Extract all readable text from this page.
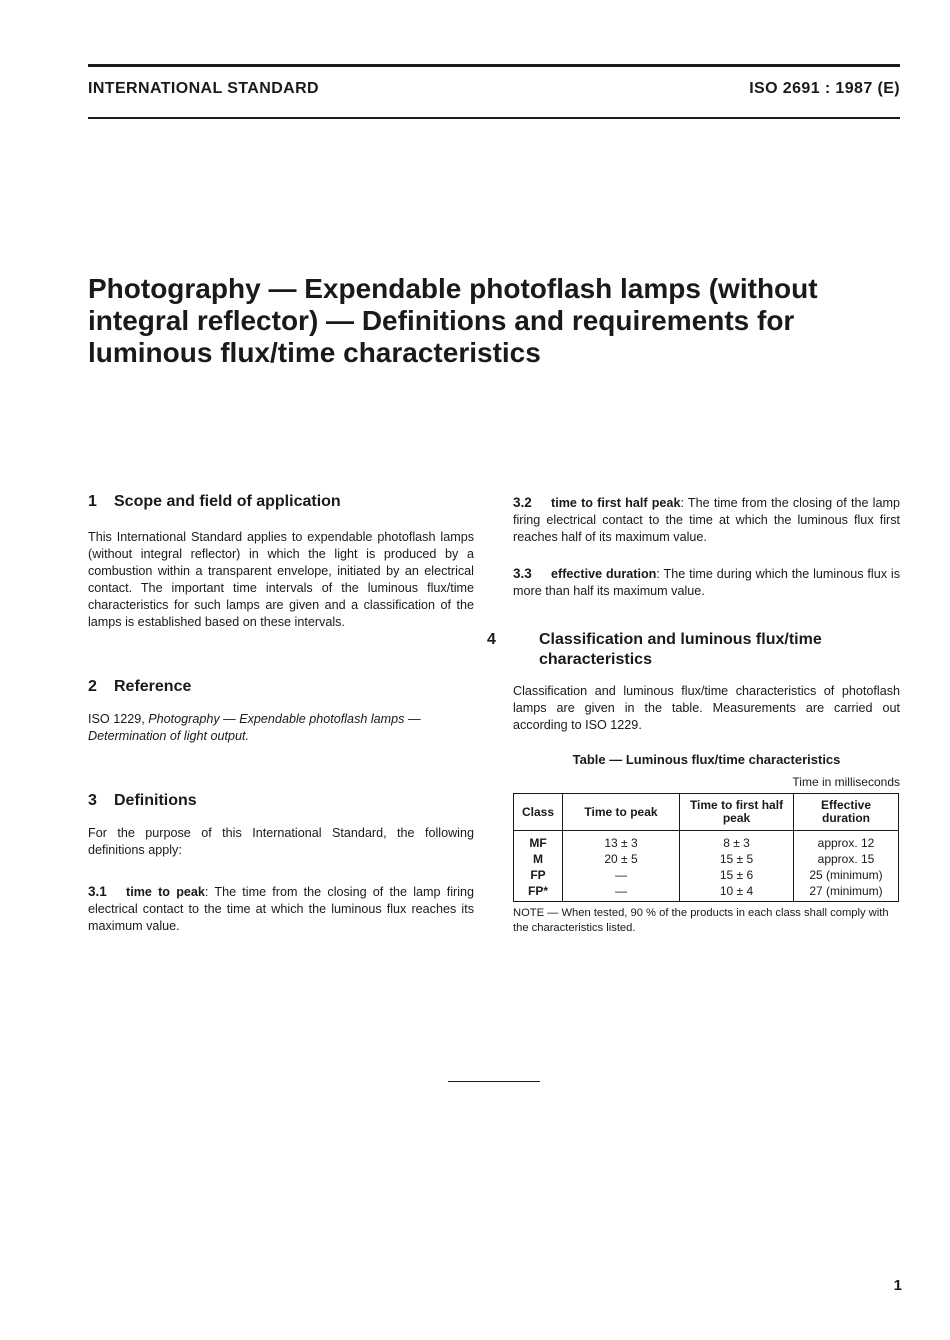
INTERNATIONAL STANDARD	ISO 2691 : 1987 (E)
Photography — Expendable photoflash lamps (without
integral reflector) — Definitions and requirements for
luminous flux/time characteristics
1 Scope and field of application

This International Standard applies to expendable photoflash lamps (without integral reflector) in which the light is produced by a combustion within a transparent envelope, initiated by an electrical contact. The important time intervals of the luminous flux/time characteristics for such lamps are given and a classification of the lamps is established based on these intervals.

2 Reference

ISO 1229, Photography — Expendable photoflash lamps — Determination of light output.

3 Definitions

For the purpose of this International Standard, the following definitions apply:

3.1 time to peak: The time from the closing of the lamp firing electrical contact to the time at which the luminous flux reaches its maximum value.

3.2 time to first half peak: The time from the closing of the lamp firing electrical contact to the time at which the luminous flux first reaches half of its maximum value.

3.3 effective duration: The time during which the luminous flux is more than half its maximum value.

4	Classification and luminous flux/time characteristics

Classification and luminous flux/time characteristics of photoflash lamps are given in the table. Measurements are carried out according to ISO 1229.

Table — Luminous flux/time characteristics

Time in milliseconds

Class	Time to peak	Time to first half peak	Effective duration
MF	13 ± 3	8 ± 3	approx. 12
M	20 ± 5	15 ± 5	approx. 15
FP	—	15 ± 6	25 (minimum)
FP*	—	10 ± 4	27 (minimum)

NOTE — When tested, 90 % of the products in each class shall comply with the characteristics listed.

1
